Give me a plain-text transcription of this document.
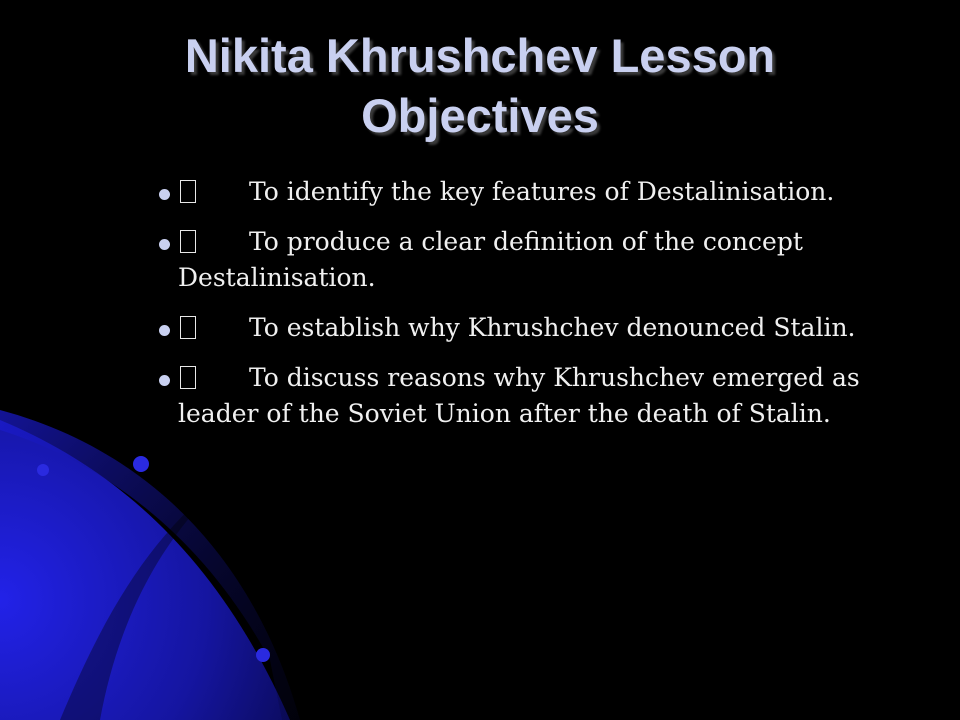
Nikita Khrushchev Lesson Objectives
To identify the key features of Destalinisation.
To produce a clear definition of the concept Destalinisation.
To establish why Khrushchev denounced Stalin.
To discuss reasons why Khrushchev emerged as leader of the Soviet Union after the death of Stalin.
